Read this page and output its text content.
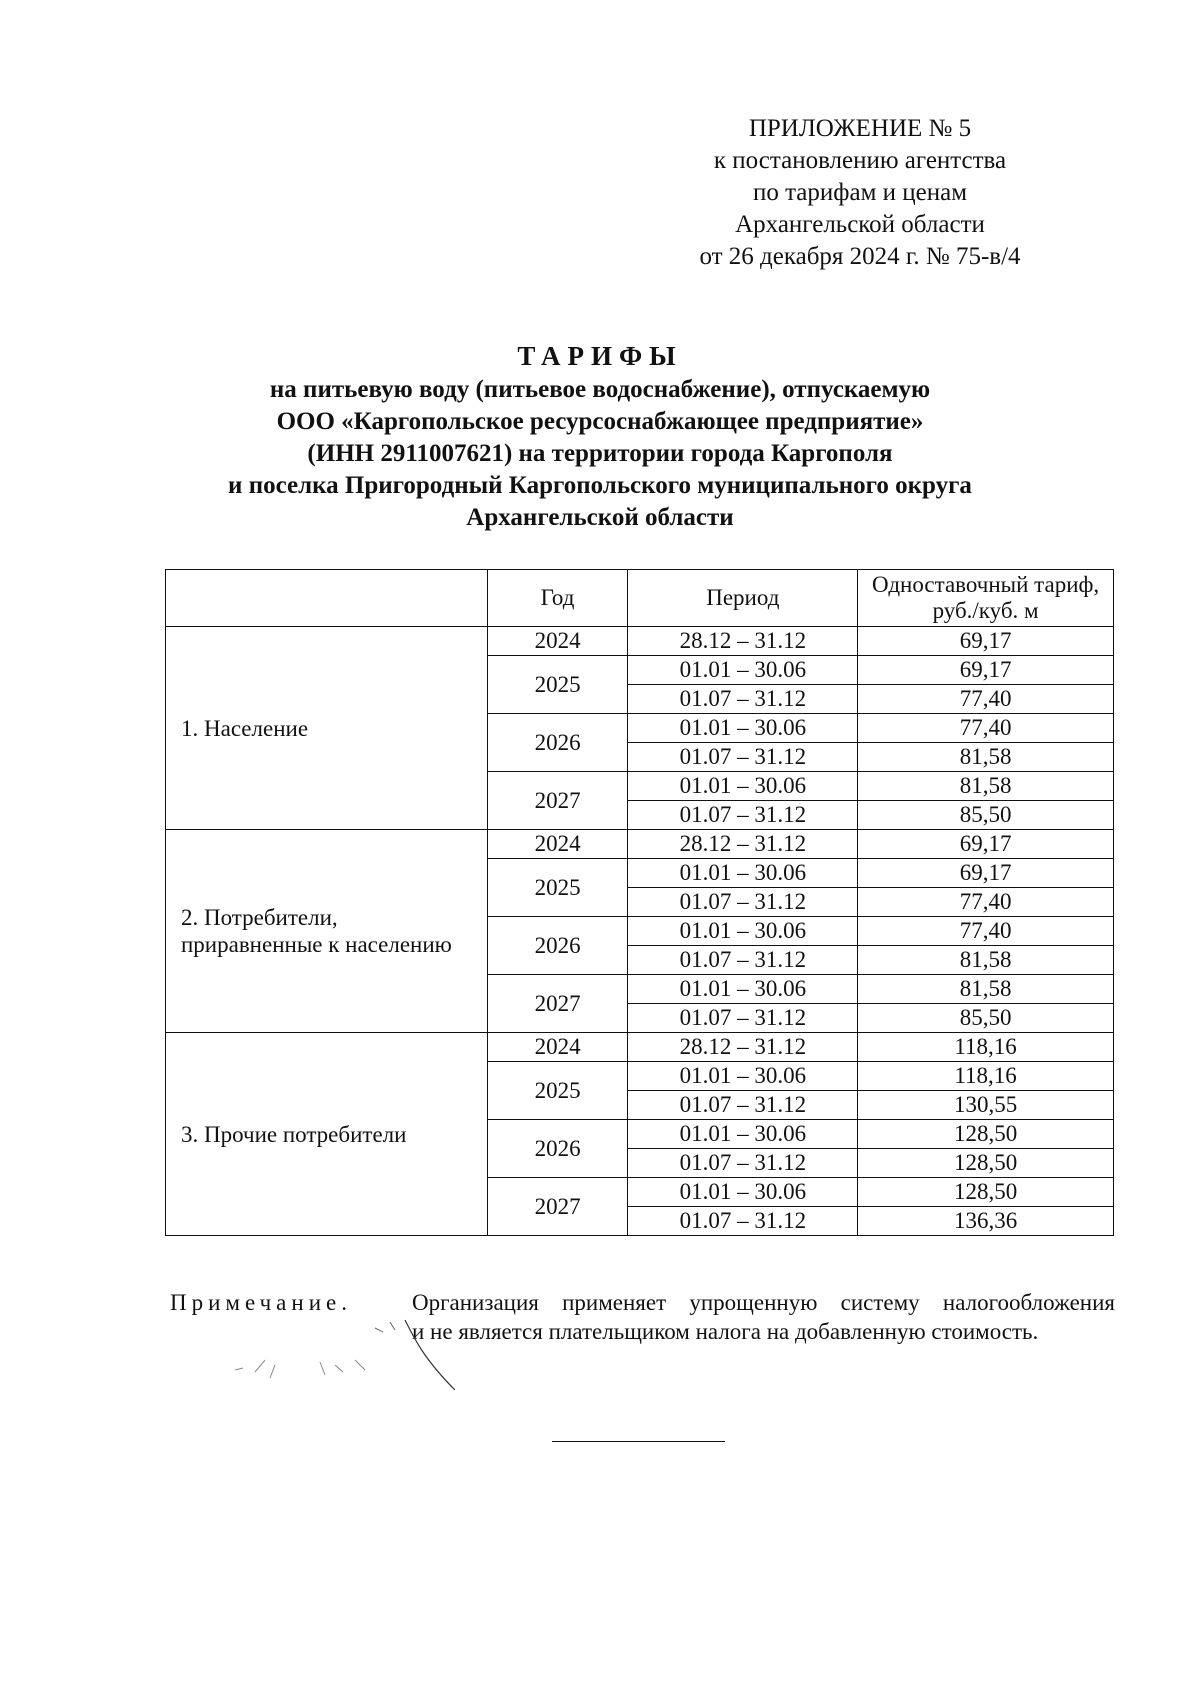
ПРИЛОЖЕНИЕ № 5
к постановлению агентства
по тарифам и ценам
Архангельской области
от 26 декабря 2024 г. № 75-в/4
ТАРИФЫ
на питьевую воду (питьевое водоснабжение), отпускаемую
ООО «Каргопольское ресурсоснабжающее предприятие»
(ИНН 2911007621) на территории города Каргополя
и поселка Пригородный Каргопольского муниципального округа
Архангельской области
	Год	Период	Одноставочный тариф,
руб./куб. м
1. Население	2024	28.12 – 31.12	69,17
	2025	01.01 – 30.06	69,17
		01.07 – 31.12	77,40
	2026	01.01 – 30.06	77,40
		01.07 – 31.12	81,58
	2027	01.01 – 30.06	81,58
		01.07 – 31.12	85,50
2. Потребители,
приравненные к населению	2024	28.12 – 31.12	69,17
	2025	01.01 – 30.06	69,17
		01.07 – 31.12	77,40
	2026	01.01 – 30.06	77,40
		01.07 – 31.12	81,58
	2027	01.01 – 30.06	81,58
		01.07 – 31.12	85,50
3. Прочие потребители	2024	28.12 – 31.12	118,16
	2025	01.01 – 30.06	118,16
		01.07 – 31.12	130,55
	2026	01.01 – 30.06	128,50
		01.07 – 31.12	128,50
	2027	01.01 – 30.06	128,50
		01.07 – 31.12	136,36
Примечание.	Организация применяет упрощенную систему налогообложения
и не является плательщиком налога на добавленную стоимость.
